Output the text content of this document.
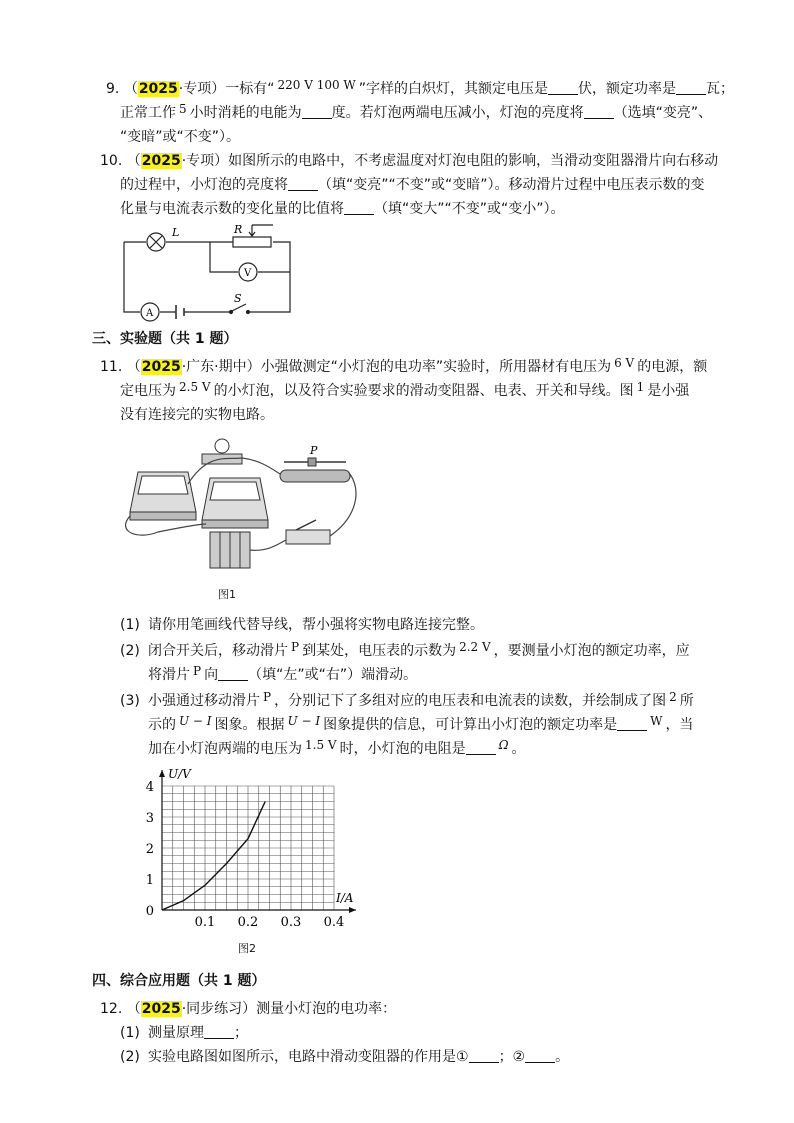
9. （2025·专项）一标有“ 220 V 100 W ”字样的白炽灯，其额定电压是 伏，额定功率是 瓦；
正常工作 5 小时消耗的电能为 度。若灯泡两端电压减小，灯泡的亮度将 （选填“变亮”、
“变暗”或“不变”）。
10. （2025·专项）如图所示的电路中，不考虑温度对灯泡电阻的影响，当滑动变阻器滑片向右移动
的过程中，小灯泡的亮度将 （填“变亮”“不变”或“变暗”）。移动滑片过程中电压表示数的变
化量与电流表示数的变化量的比值将 （填“变大”“不变”或“变小”）。
L	R
V
A
S
三、实验题（共 1 题）
11. （2025·广东·期中）小强做测定“小灯泡的电功率”实验时，所用器材有电压为 6 V 的电源，额
定电压为 2.5 V 的小灯泡，以及符合实验要求的滑动变阻器、电表、开关和导线。图 1 是小强
没有连接完的实物电路。
P
图1
(1) 请你用笔画线代替导线，帮小强将实物电路连接完整。
(2) 闭合开关后，移动滑片 P 到某处，电压表的示数为 2.2 V ，要测量小灯泡的额定功率，应
将滑片 P 向 （填“左”或“右”）端滑动。
(3) 小强通过移动滑片 P ，分别记下了多组对应的电压表和电流表的读数，并绘制成了图 2 所
示的 U − I 图象。根据 U − I 图象提供的信息，可计算出小灯泡的额定功率是	W ，当
加在小灯泡两端的电压为 1.5 V 时，小灯泡的电阻是	Ω 。
0.1 0.2 0.3 0.4
0
1
2
3
4
I/A
U/V
图2
四、综合应用题（共 1 题）
12. （2025·同步练习）测量小灯泡的电功率：
(1) 测量原理 ；
(2) 实验电路图如图所示，电路中滑动变阻器的作用是① ；② 。
